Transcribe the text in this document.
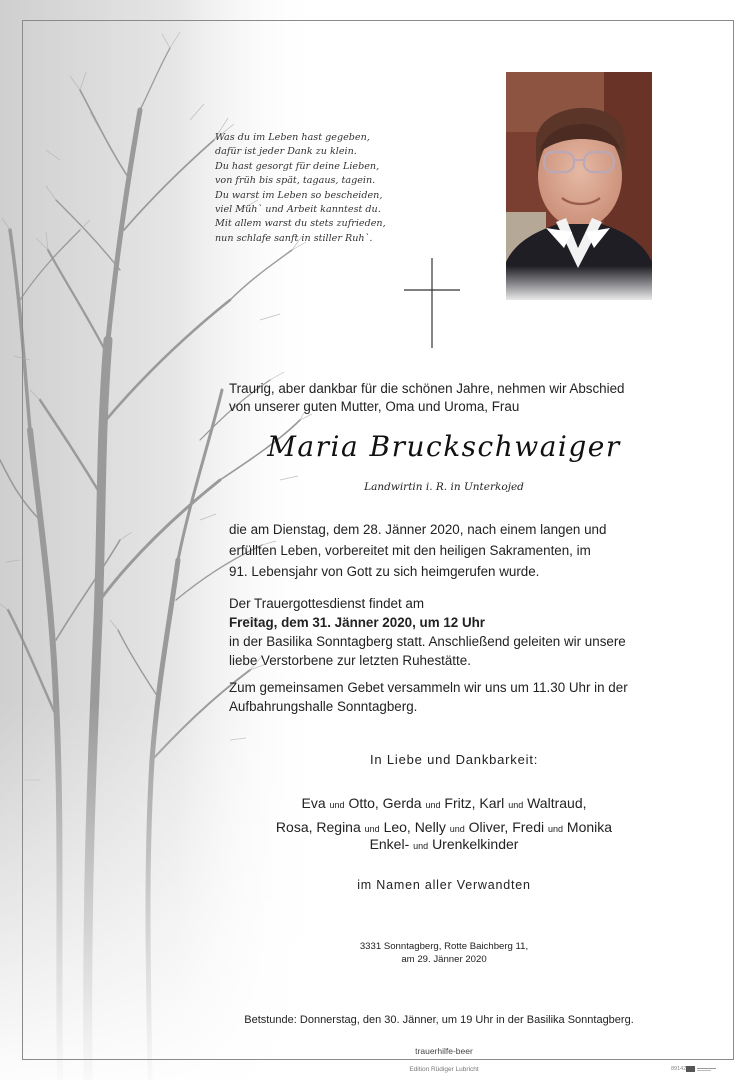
Was du im Leben hast gegeben,
dafür ist jeder Dank zu klein.
Du hast gesorgt für deine Lieben,
von früh bis spät, tagaus, tagein.
Du warst im Leben so bescheiden,
viel Müh` und Arbeit kanntest du.
Mit allem warst du stets zufrieden,
nun schlafe sanft in stiller Ruh`.
Traurig, aber dankbar für die schönen Jahre, nehmen wir Abschied
von unserer guten Mutter, Oma und Uroma, Frau
Maria Bruckschwaiger
Landwirtin i. R. in Unterkojed
die am Dienstag, dem 28. Jänner 2020, nach einem langen und
erfüllten Leben, vorbereitet mit den heiligen Sakramenten, im
91. Lebensjahr von Gott zu sich heimgerufen wurde.
Der Trauergottesdienst findet am
Freitag, dem 31. Jänner 2020, um 12 Uhr
in der Basilika Sonntagberg statt. Anschließend geleiten wir unsere
liebe Verstorbene zur letzten Ruhestätte.
Zum gemeinsamen Gebet versammeln wir uns um 11.30 Uhr in der
Aufbahrungshalle Sonntagberg.
In Liebe und Dankbarkeit:
Eva und Otto, Gerda und Fritz, Karl und Waltraud,
Rosa, Regina und Leo, Nelly und Oliver, Fredi und Monika
Enkel- und Urenkelkinder
im Namen aller Verwandten
3331 Sonntagberg, Rotte Baichberg 11,
am 29. Jänner 2020
Betstunde: Donnerstag, den 30. Jänner, um 19 Uhr in der Basilika Sonntagberg.
trauerhilfe-beer
Edition Rüdiger Lubricht	89142
